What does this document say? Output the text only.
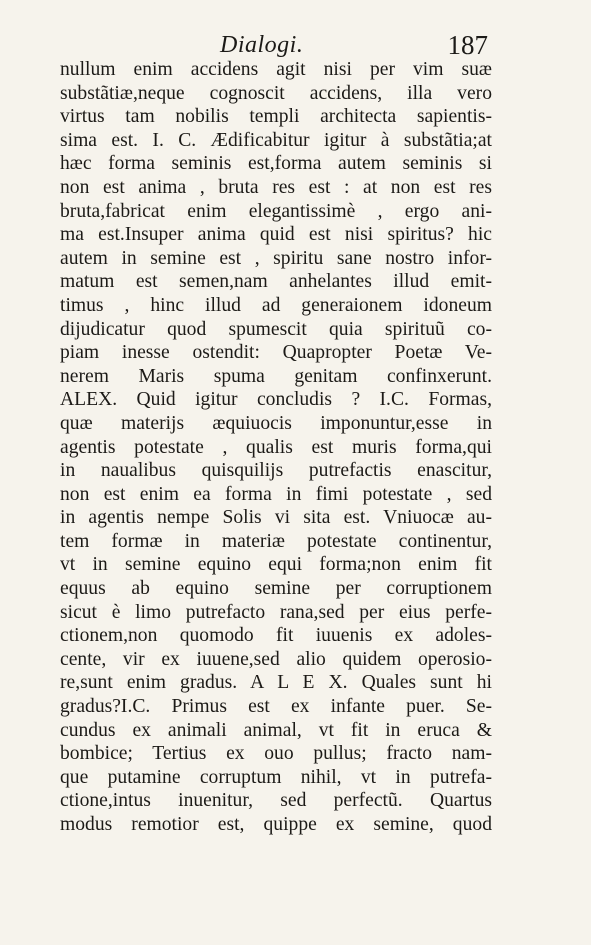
Dialogi.	187
nullum enim accidens agit nisi per vim suæ
substãtiæ,neque cognoscit accidens, illa vero
virtus tam nobilis templi architecta sapientis-
sima est. I. C. Ædificabitur igitur à substãtia;at
hæc forma seminis est,forma autem seminis si
non est anima , bruta res est : at non est res
bruta,fabricat enim elegantissimè , ergo ani-
ma est.Insuper anima quid est nisi spiritus? hic
autem in semine est , spiritu sane nostro infor-
matum est semen,nam anhelantes illud emit-
timus , hinc illud ad generaionem idoneum
dijudicatur quod spumescit quia spirituũ co-
piam inesse ostendit: Quapropter Poetæ Ve-
nerem Maris spuma genitam confinxerunt.
ALEX. Quid igitur concludis ? I.C. Formas,
quæ materijs æquiuocis imponuntur,esse in
agentis potestate , qualis est muris forma,qui
in naualibus quisquilijs putrefactis enascitur,
non est enim ea forma in fimi potestate , sed
in agentis nempe Solis vi sita est. Vniuocæ au-
tem formæ in materiæ potestate continentur,
vt in semine equino equi forma;non enim fit
equus ab equino semine per corruptionem
sicut è limo putrefacto rana,sed per eius perfe-
ctionem,non quomodo fit iuuenis ex adoles-
cente, vir ex iuuene,sed alio quidem operosio-
re,sunt enim gradus. A L E X. Quales sunt hi
gradus?I.C. Primus est ex infante puer. Se-
cundus ex animali animal, vt fit in eruca &
bombice; Tertius ex ouo pullus; fracto nam-
que putamine corruptum nihil, vt in putrefa-
ctione,intus inuenitur, sed perfectũ. Quartus
modus remotior est, quippe ex semine, quod
